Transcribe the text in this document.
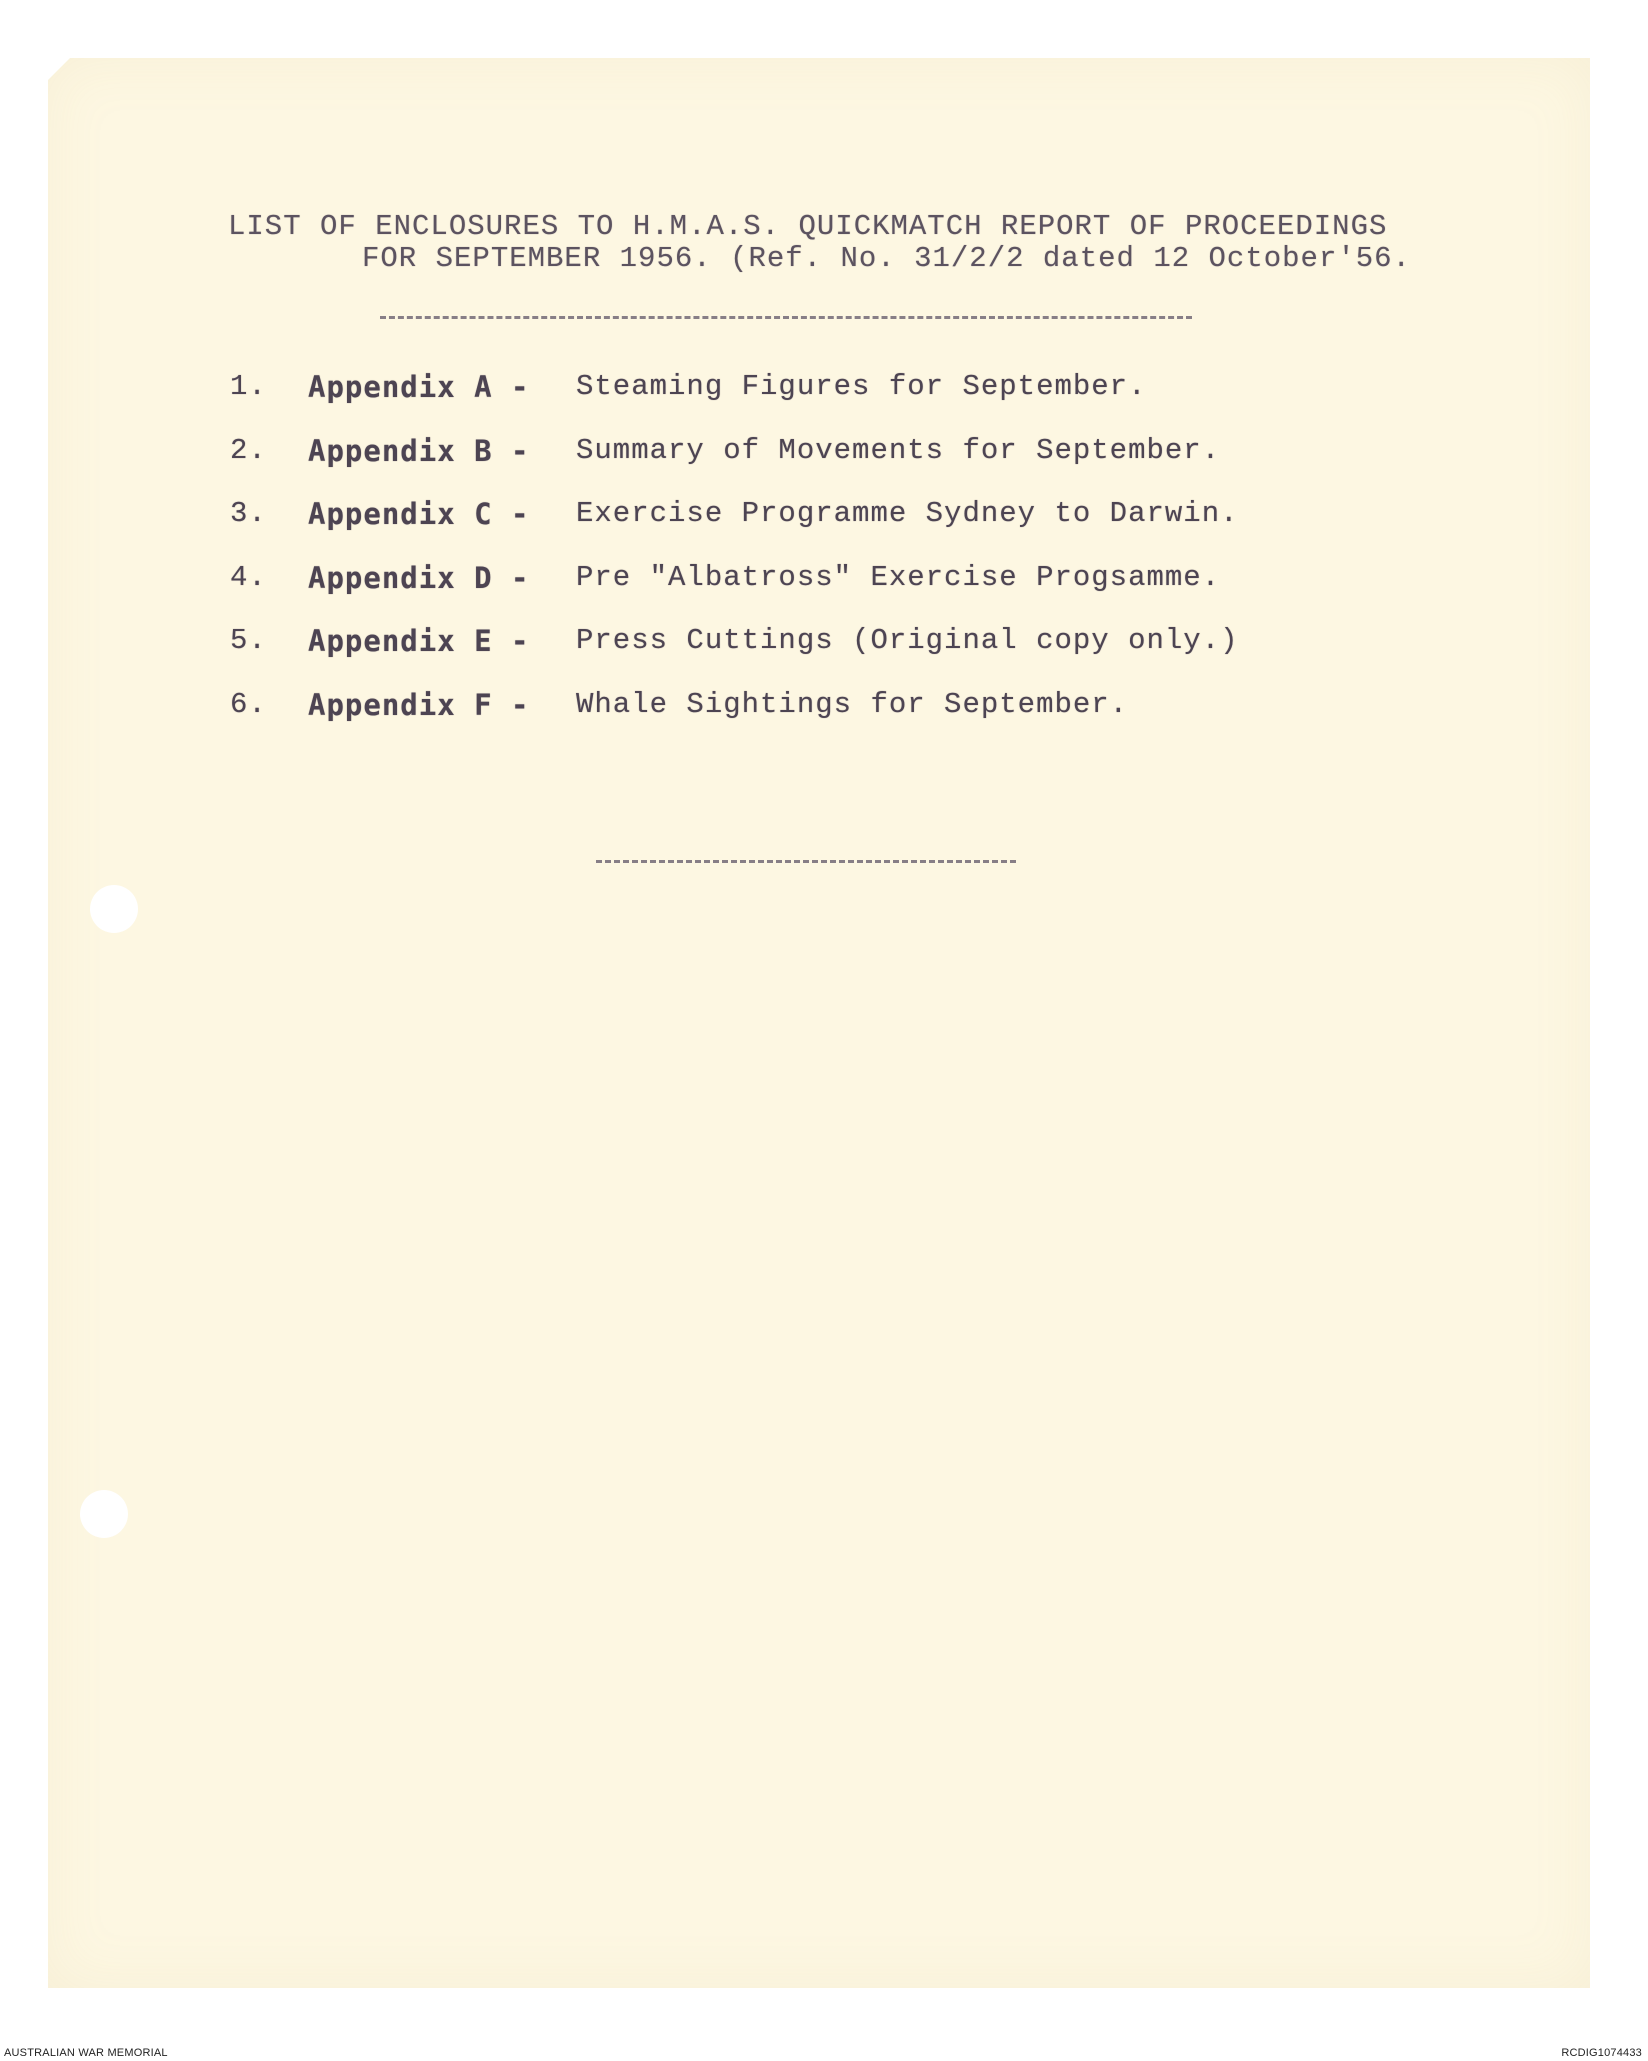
LIST OF ENCLOSURES TO H.M.A.S. QUICKMATCH REPORT OF PROCEEDINGS
FOR SEPTEMBER 1956. (Ref. No. 31/2/2 dated 12 October'56.
1. Appendix A - Steaming Figures for September.
2. Appendix B - Summary of Movements for September.
3. Appendix C - Exercise Programme Sydney to Darwin.
4. Appendix D - Pre "Albatross" Exercise Progsamme.
5. Appendix E - Press Cuttings (Original copy only.)
6. Appendix F - Whale Sightings for September.
AUSTRALIAN WAR MEMORIAL	RCDIG1074433
